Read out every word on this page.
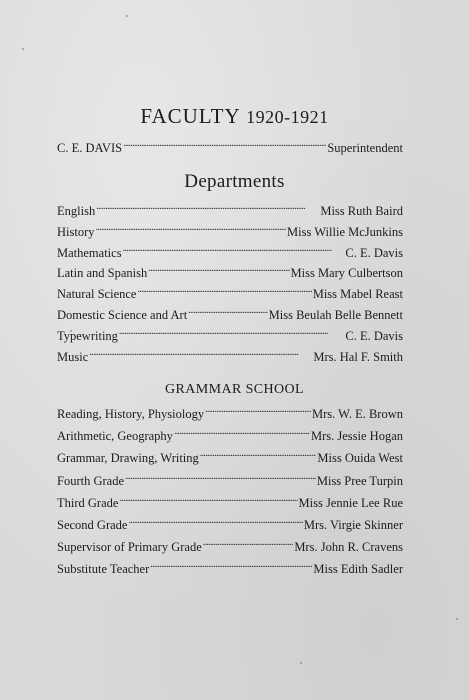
FACULTY 1920-1921
C. E. DAVIS . . .	Superintendent
Departments
English . . .	Miss Ruth Baird
History . . .	Miss Willie McJunkins
Mathematics . . .	C. E. Davis
Latin and Spanish . . .	Miss Mary Culbertson
Natural Science . . .	Miss Mabel Reast
Domestic Science and Art . . .	Miss Beulah Belle Bennett
Typewriting . . .	C. E. Davis
Music . . .	Mrs. Hal F. Smith
GRAMMAR SCHOOL
Reading, History, Physiology . . .	Mrs. W. E. Brown
Arithmetic, Geography . . .	Mrs. Jessie Hogan
Grammar, Drawing, Writing . . .	Miss Ouida West
Fourth Grade . . .	Miss Pree Turpin
Third Grade . . .	Miss Jennie Lee Rue
Second Grade . . .	Mrs. Virgie Skinner
Supervisor of Primary Grade . . .	Mrs. John R. Cravens
Substitute Teacher . . .	Miss Edith Sadler
